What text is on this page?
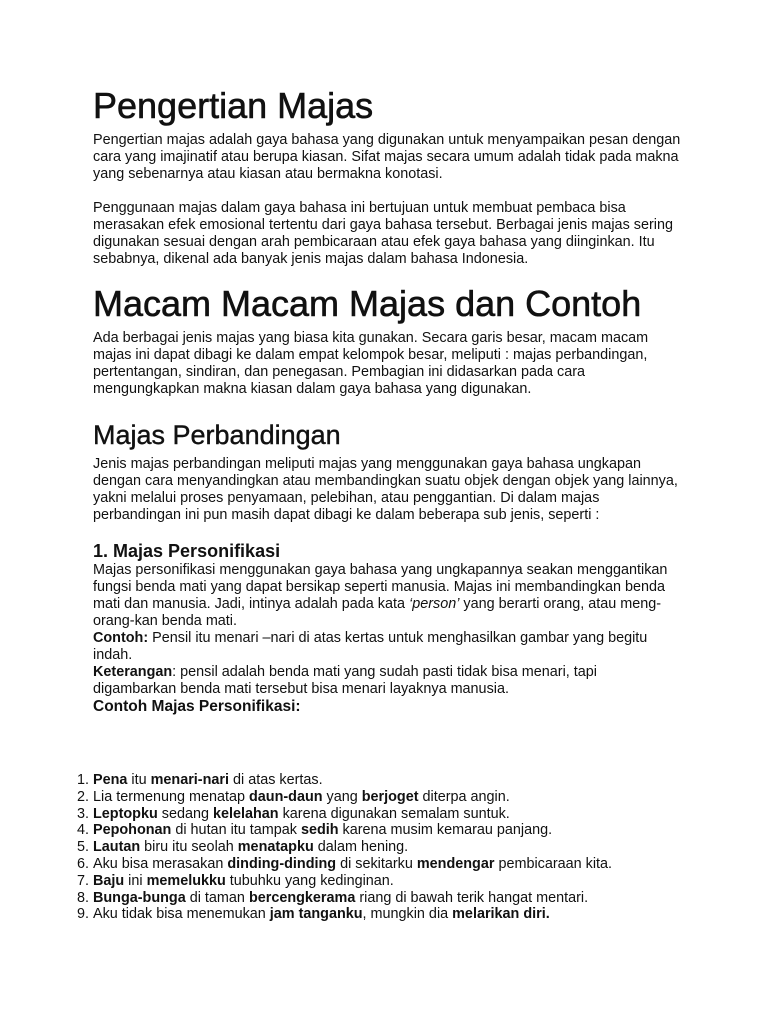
Pengertian Majas

Pengertian majas adalah gaya bahasa yang digunakan untuk menyampaikan pesan dengan cara yang imajinatif atau berupa kiasan. Sifat majas secara umum adalah tidak pada makna yang sebenarnya atau kiasan atau bermakna konotasi.

Penggunaan majas dalam gaya bahasa ini bertujuan untuk membuat pembaca bisa merasakan efek emosional tertentu dari gaya bahasa tersebut. Berbagai jenis majas sering digunakan sesuai dengan arah pembicaraan atau efek gaya bahasa yang diinginkan. Itu sebabnya, dikenal ada banyak jenis majas dalam bahasa Indonesia.

Macam Macam Majas dan Contoh

Ada berbagai jenis majas yang biasa kita gunakan. Secara garis besar, macam macam majas ini dapat dibagi ke dalam empat kelompok besar, meliputi : majas perbandingan, pertentangan, sindiran, dan penegasan. Pembagian ini didasarkan pada cara mengungkapkan makna kiasan dalam gaya bahasa yang digunakan.

Majas Perbandingan

Jenis majas perbandingan meliputi majas yang menggunakan gaya bahasa ungkapan dengan cara menyandingkan atau membandingkan suatu objek dengan objek yang lainnya, yakni melalui proses penyamaan, pelebihan, atau penggantian. Di dalam majas perbandingan ini pun masih dapat dibagi ke dalam beberapa sub jenis, seperti :

1. Majas Personifikasi

Majas personifikasi menggunakan gaya bahasa yang ungkapannya seakan menggantikan fungsi benda mati yang dapat bersikap seperti manusia. Majas ini membandingkan benda mati dan manusia. Jadi, intinya adalah pada kata ‘person’ yang berarti orang, atau meng-orang-kan benda mati.

Contoh: Pensil itu menari –nari di atas kertas untuk menghasilkan gambar yang begitu indah.

Keterangan: pensil adalah benda mati yang sudah pasti tidak bisa menari, tapi digambarkan benda mati tersebut bisa menari layaknya manusia.

Contoh Majas Personifikasi:

1. Pena itu menari-nari di atas kertas.
2. Lia termenung menatap daun-daun yang berjoget diterpa angin.
3. Leptopku sedang kelelahan karena digunakan semalam suntuk.
4. Pepohonan di hutan itu tampak sedih karena musim kemarau panjang.
5. Lautan biru itu seolah menatapku dalam hening.
6. Aku bisa merasakan dinding-dinding di sekitarku mendengar pembicaraan kita.
7. Baju ini memelukku tubuhku yang kedinginan.
8. Bunga-bunga di taman bercengkerama riang di bawah terik hangat mentari.
9. Aku tidak bisa menemukan jam tanganku, mungkin dia melarikan diri.
